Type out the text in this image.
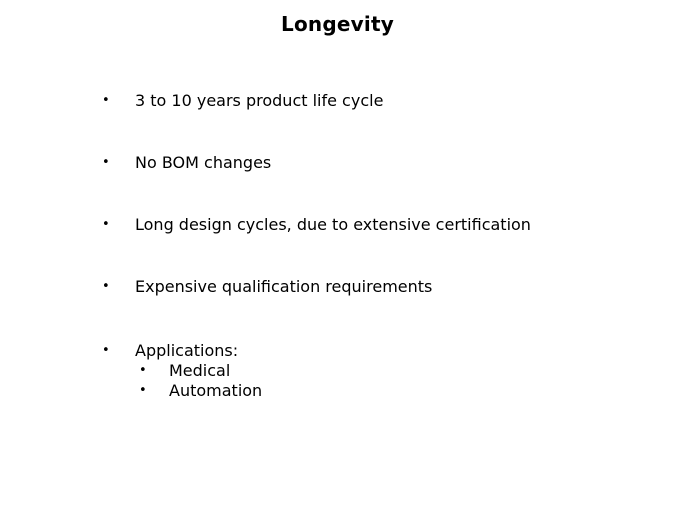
Longevity
• 3 to 10 years product life cycle
• No BOM changes
• Long design cycles, due to extensive certification
• Expensive qualification requirements
• Applications:
• Medical
• Automation
